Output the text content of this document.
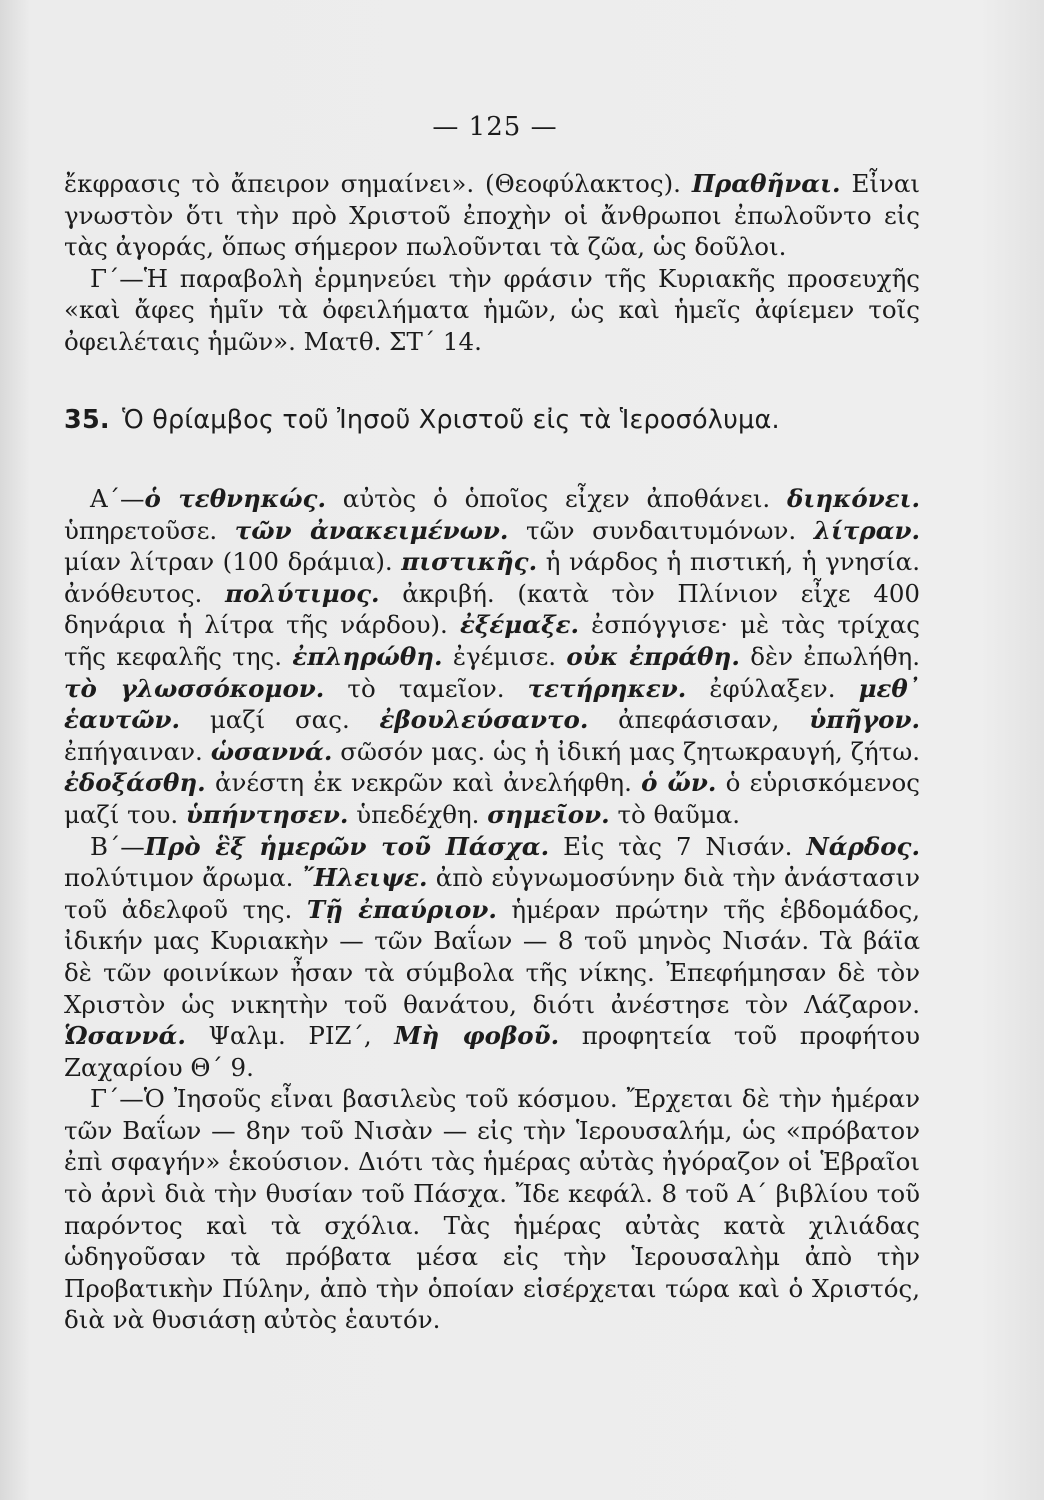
— 125 —

ἔκφρασις τὸ ἄπειρον σημαίνει». (Θεοφύλακτος). Πραθῆναι. Εἶναι γνωστὸν ὅτι τὴν πρὸ Χριστοῦ ἐποχὴν οἱ ἄνθρωποι ἐπωλοῦντο εἰς τὰς ἀγοράς, ὅπως σήμερον πωλοῦνται τὰ ζῶα, ὡς δοῦλοι.

Γ΄—Ἡ παραβολὴ ἑρμηνεύει τὴν φράσιν τῆς Κυριακῆς προσευχῆς «καὶ ἄφες ἡμῖν τὰ ὀφειλήματα ἡμῶν, ὡς καὶ ἡμεῖς ἀφίεμεν τοῖς ὀφειλέταις ἡμῶν». Ματθ. ΣΤ΄ 14.

35. Ὁ θρίαμβος τοῦ Ἰησοῦ Χριστοῦ εἰς τὰ Ἱεροσόλυμα.

Α΄—ὁ τεθνηκώς. αὐτὸς ὁ ὁποῖος εἶχεν ἀποθάνει. διηκόνει. ὑπηρετοῦσε. τῶν ἀνακειμένων. τῶν συνδαιτυμόνων. λίτραν. μίαν λίτραν (100 δράμια). πιστικῆς. ἡ νάρδος ἡ πιστική, ἡ γνησία. ἀνόθευτος. πολύτιμος. ἀκριβή. (κατὰ τὸν Πλίνιον εἶχε 400 δηνάρια ἡ λίτρα τῆς νάρδου). ἐξέμαξε. ἐσπόγγισε· μὲ τὰς τρίχας τῆς κεφαλῆς της. ἐπληρώθη. ἐγέμισε. οὐκ ἐπράθη. δὲν ἐπωλήθη. τὸ γλωσσόκομον. τὸ ταμεῖον. τετήρηκεν. ἐφύλαξεν. μεθ᾿ ἑαυτῶν. μαζί σας. ἐβουλεύσαντο. ἀπεφάσισαν, ὑπῆγον. ἐπήγαιναν. ὡσαννά. σῶσόν μας. ὡς ἡ ἰδική μας ζητωκραυγή, ζήτω. ἐδοξάσθη. ἀνέστη ἐκ νεκρῶν καὶ ἀνελήφθη. ὁ ὤν. ὁ εὑρισκόμενος μαζί του. ὑπήντησεν. ὑπεδέχθη. σημεῖον. τὸ θαῦμα.

Β΄—Πρὸ ἓξ ἡμερῶν τοῦ Πάσχα. Εἰς τὰς 7 Νισάν. Νάρδος. πολύτιμον ἄρωμα. ῎Ηλειψε. ἀπὸ εὐγνωμοσύνην διὰ τὴν ἀνάστασιν τοῦ ἀδελφοῦ της. Τῇ ἐπαύριον. ἡμέραν πρώτην τῆς ἑβδομάδος, ἰδικήν μας Κυριακὴν — τῶν Βαΐων — 8 τοῦ μηνὸς Νισάν. Τὰ βάϊα δὲ τῶν φοινίκων ἦσαν τὰ σύμβολα τῆς νίκης. Ἐπεφήμησαν δὲ τὸν Χριστὸν ὡς νικητὴν τοῦ θανάτου, διότι ἀνέστησε τὸν Λάζαρον. Ὡσαννά. Ψαλμ. ΡΙΖ΄, Μὴ φοβοῦ. προφητεία τοῦ προφήτου Ζαχαρίου Θ΄ 9.

Γ΄—Ὁ Ἰησοῦς εἶναι βασιλεὺς τοῦ κόσμου. Ἔρχεται δὲ τὴν ἡμέραν τῶν Βαΐων — 8ην τοῦ Νισὰν — εἰς τὴν Ἱερουσαλήμ, ὡς «πρόβατον ἐπὶ σφαγήν» ἑκούσιον. Διότι τὰς ἡμέρας αὐτὰς ἠγόραζον οἱ Ἑβραῖοι τὸ ἀρνὶ διὰ τὴν θυσίαν τοῦ Πάσχα. Ἴδε κεφάλ. 8 τοῦ Α΄ βιβλίου τοῦ παρόντος καὶ τὰ σχόλια. Τὰς ἡμέρας αὐτὰς κατὰ χιλιάδας ὡδηγοῦσαν τὰ πρόβατα μέσα εἰς τὴν Ἱερουσαλὴμ ἀπὸ τὴν Προβατικὴν Πύλην, ἀπὸ τὴν ὁποίαν εἰσέρχεται τώρα καὶ ὁ Χριστός, διὰ νὰ θυσιάσῃ αὐτὸς ἑαυτόν.
